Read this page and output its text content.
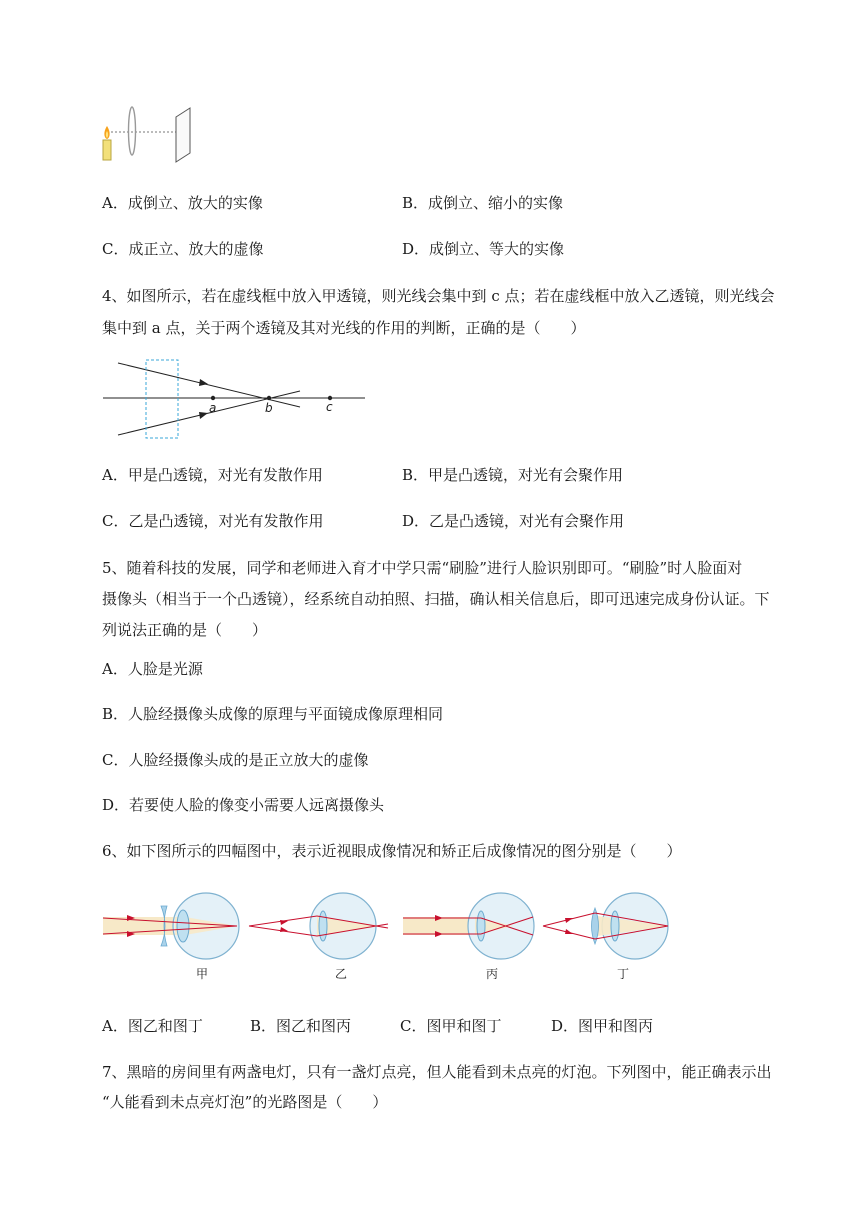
A．成倒立、放大的实像	B．成倒立、缩小的实像
C．成正立、放大的虚像	D．成倒立、等大的实像
4、如图所示，若在虚线框中放入甲透镜，则光线会集中到 c 点；若在虚线框中放入乙透镜，则光线会
集中到 a 点，关于两个透镜及其对光线的作用的判断，正确的是（　　）
a	b	c
A．甲是凸透镜，对光有发散作用	B．甲是凸透镜，对光有会聚作用
C．乙是凸透镜，对光有发散作用	D．乙是凸透镜，对光有会聚作用
5、随着科技的发展，同学和老师进入育才中学只需“刷脸”进行人脸识别即可。“刷脸”时人脸面对
摄像头（相当于一个凸透镜），经系统自动拍照、扫描，确认相关信息后，即可迅速完成身份认证。下
列说法正确的是（　　）
A．人脸是光源
B．人脸经摄像头成像的原理与平面镜成像原理相同
C．人脸经摄像头成的是正立放大的虚像
D．若要使人脸的像变小需要人远离摄像头
6、如下图所示的四幅图中，表示近视眼成像情况和矫正后成像情况的图分别是（　　）
甲	乙	丙	丁
A．图乙和图丁	B．图乙和图丙	C．图甲和图丁	D．图甲和图丙
7、黑暗的房间里有两盏电灯，只有一盏灯点亮，但人能看到未点亮的灯泡。下列图中，能正确表示出
“人能看到未点亮灯泡”的光路图是（　　）
